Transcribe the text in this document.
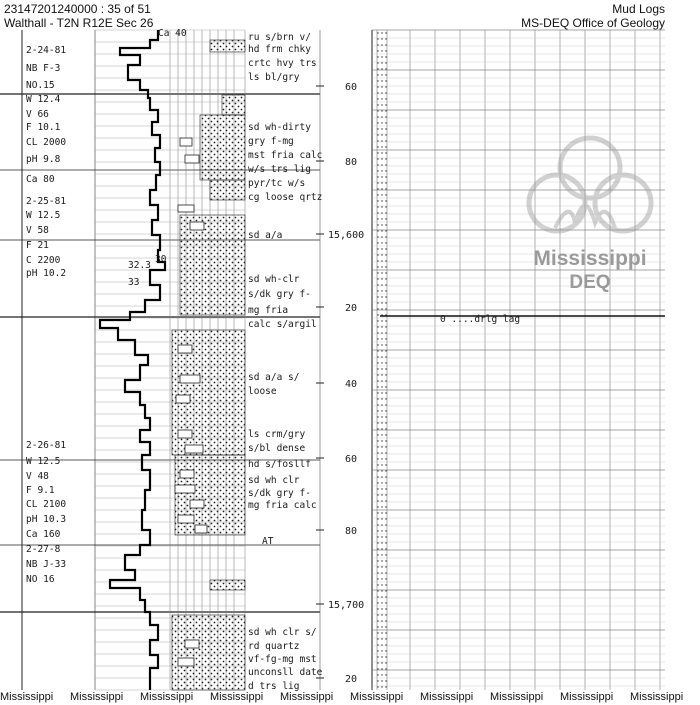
2-24-81
NB F-3
NO.15
W 12.4
V 66
F 10.1
CL 2000
pH 9.8
Ca 80
2-25-81
W 12.5
V 58
F 21
C 2200
pH 10.2
2-26-81
W 12.5
V 48
F 9.1
CL 2100
pH 10.3
Ca 160
2-27-8
NB J-33
NO 16
32.3
30
33
ru s/brn v/
hd frm chky
crtc hvy trs
ls bl/gry
sd wh-dirty
gry f-mg
mst fria calc
w/s trs lig
pyr/tc w/s
cg loose qrtz
sd a/a
sd wh-clr
s/dk gry f-
mg fria
calc s/argil
sd a/a s/
loose
ls crm/gry
s/bl dense
hd s/fosllf
sd wh clr
s/dk gry f-
mg fria calc
AT
sd wh clr s/
rd quartz
vf-fg-mg mst
unconsll date
d trs lig
60
80
15,600
20
40
60
80
15,700
20
Ca 40
0 ....drlg lag
23147201240000 : 35 of 51
Walthall - T2N R12E Sec 26
Mud Logs
MS-DEQ Office of Geology
Mississippi
DEQ
Mississippi Mississippi Mississippi Mississippi Mississippi Mississippi Mississippi Mississippi Mississippi Mississippi
